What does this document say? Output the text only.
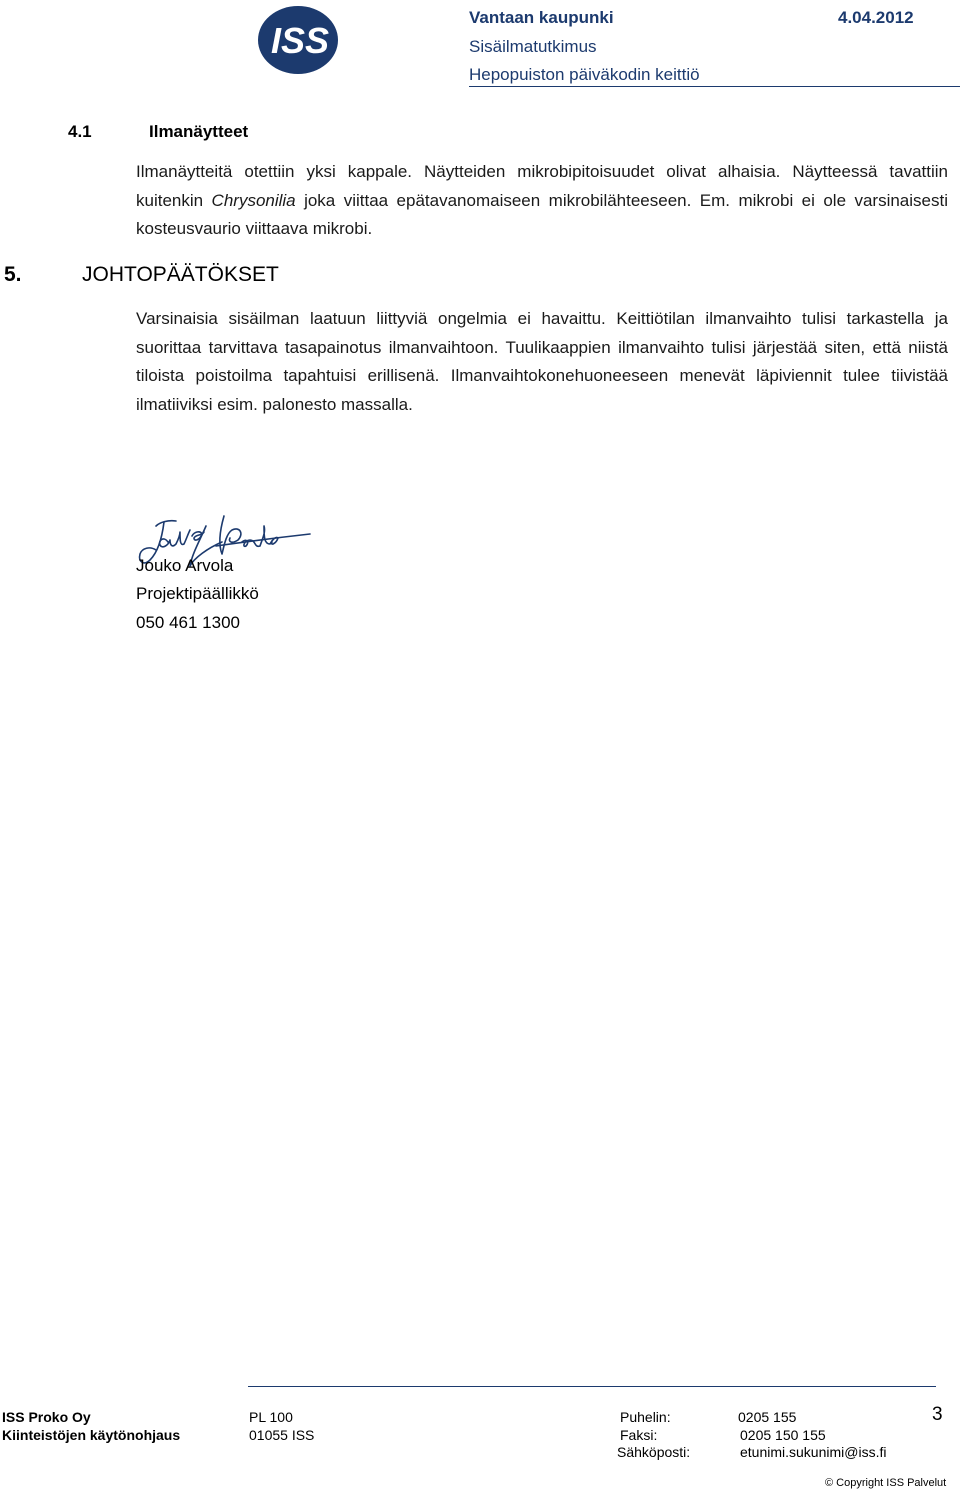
ISS
Vantaan kaupunki	4.04.2012
Sisäilmatutkimus
Hepopuiston päiväkodin keittiö
4.1	Ilmanäytteet

Ilmanäytteitä otettiin yksi kappale. Näytteiden mikrobipitoisuudet olivat alhaisia. Näytteessä tavattiin kuitenkin Chrysonilia joka viittaa epätavanomaiseen mikrobilähteeseen. Em. mikrobi ei ole varsinaisesti kosteusvaurio viittaava mikrobi.

5.	JOHTOPÄÄTÖKSET

Varsinaisia sisäilman laatuun liittyviä ongelmia ei havaittu. Keittiötilan ilmanvaihto tulisi tarkastella ja suorittaa tarvittava tasapainotus ilmanvaihtoon. Tuulikaappien ilmanvaihto tulisi järjestää siten, että niistä tiloista poistoilma tapahtuisi erillisenä. Ilmanvaihtokonehuoneeseen menevät läpiviennit tulee tiivistää ilmatiiviksi esim. palonesto massalla.

Jouko Arvola
Projektipäällikkö
050 461 1300
ISS Proko Oy
Kiinteistöjen käytönohjaus
PL 100
01055 ISS
Puhelin:	0205 155
Faksi:	0205 150 155
Sähköposti:	etunimi.sukunimi@iss.fi
3
© Copyright ISS Palvelut
